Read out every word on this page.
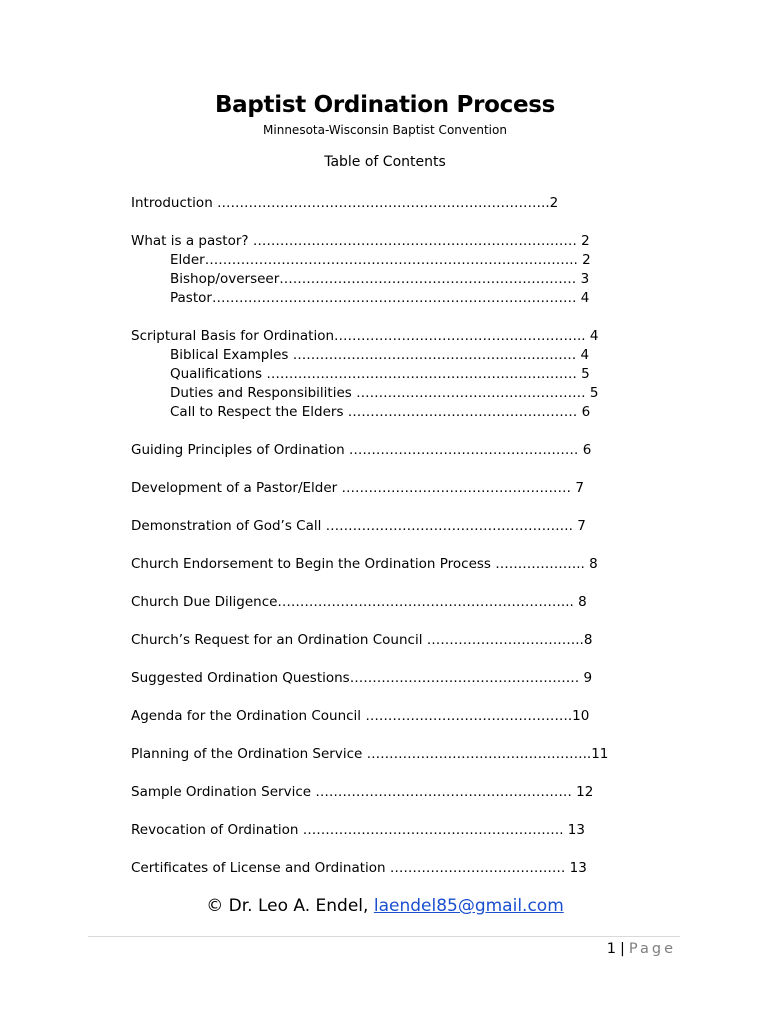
Baptist Ordination Process
Minnesota-Wisconsin Baptist Convention
Table of Contents
Introduction ………………………………………………………………..2
What is a pastor? ……………………………………………………………… 2
Elder……………………………………………………………………….. 2
Bishop/overseer………………………………………………………… 3
Pastor……………………………………………………………………… 4
Scriptural Basis for Ordination……………………………………………….. 4
Biblical Examples ……………………………………………………… 4
Qualifications …………………………………………………………… 5
Duties and Responsibilities …………………………………………… 5
Call to Respect the Elders …………………………………………… 6
Guiding Principles of Ordination …………………………………………… 6
Development of a Pastor/Elder …………………………………………… 7
Demonstration of God’s Call ………………………………………………. 7
Church Endorsement to Begin the Ordination Process ……………….. 8
Church Due Diligence………………………………………………………... 8
Church’s Request for an Ordination Council ……………………………..8
Suggested Ordination Questions…………………………………………… 9
Agenda for the Ordination Council ……………………………………….10
Planning of the Ordination Service …………………………………………..11
Sample Ordination Service ………………………………………………… 12
Revocation of Ordination …………………………………………………. 13
Certificates of License and Ordination ………………………………… 13
© Dr. Leo A. Endel, laendel85@gmail.com
1 | Page
